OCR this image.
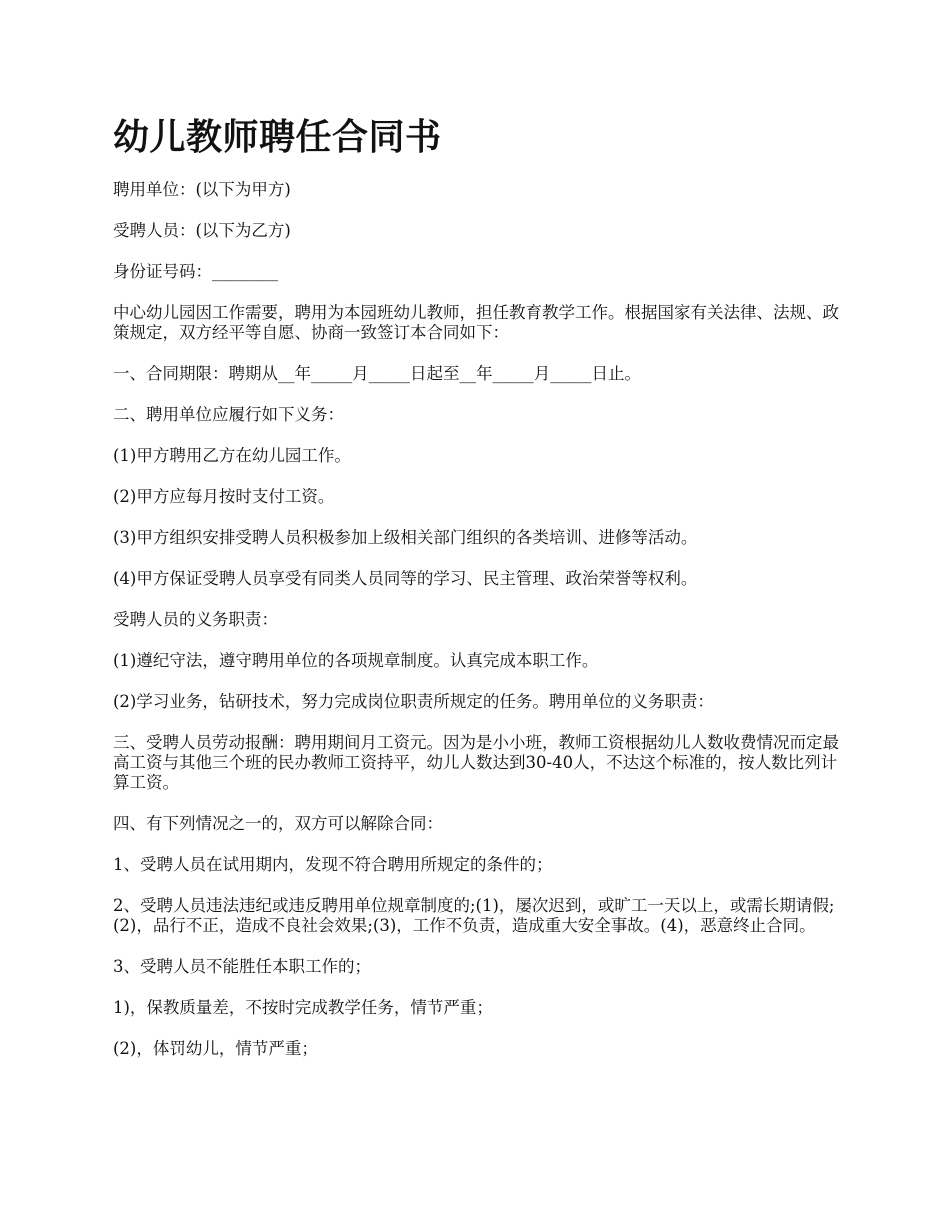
幼儿教师聘任合同书

聘用单位：(以下为甲方)

受聘人员：(以下为乙方)

身份证号码：________

中心幼儿园因工作需要，聘用为本园班幼儿教师，担任教育教学工作。根据国家有关法律、法规、政策规定，双方经平等自愿、协商一致签订本合同如下：

一、合同期限：聘期从__年_____月_____日起至__年_____月_____日止。

二、聘用单位应履行如下义务：

(1)甲方聘用乙方在幼儿园工作。

(2)甲方应每月按时支付工资。

(3)甲方组织安排受聘人员积极参加上级相关部门组织的各类培训、进修等活动。

(4)甲方保证受聘人员享受有同类人员同等的学习、民主管理、政治荣誉等权利。

受聘人员的义务职责：

(1)遵纪守法，遵守聘用单位的各项规章制度。认真完成本职工作。

(2)学习业务，钻研技术，努力完成岗位职责所规定的任务。聘用单位的义务职责：

三、受聘人员劳动报酬：聘用期间月工资元。因为是小小班，教师工资根据幼儿人数收费情况而定最高工资与其他三个班的民办教师工资持平，幼儿人数达到30-40人，不达这个标准的，按人数比列计算工资。

四、有下列情况之一的，双方可以解除合同：

1、受聘人员在试用期内，发现不符合聘用所规定的条件的；

2、受聘人员违法违纪或违反聘用单位规章制度的;(1)，屡次迟到，或旷工一天以上，或需长期请假;(2)，品行不正，造成不良社会效果;(3)，工作不负责，造成重大安全事故。(4)，恶意终止合同。

3、受聘人员不能胜任本职工作的；

1)，保教质量差，不按时完成教学任务，情节严重；

(2)，体罚幼儿，情节严重；
